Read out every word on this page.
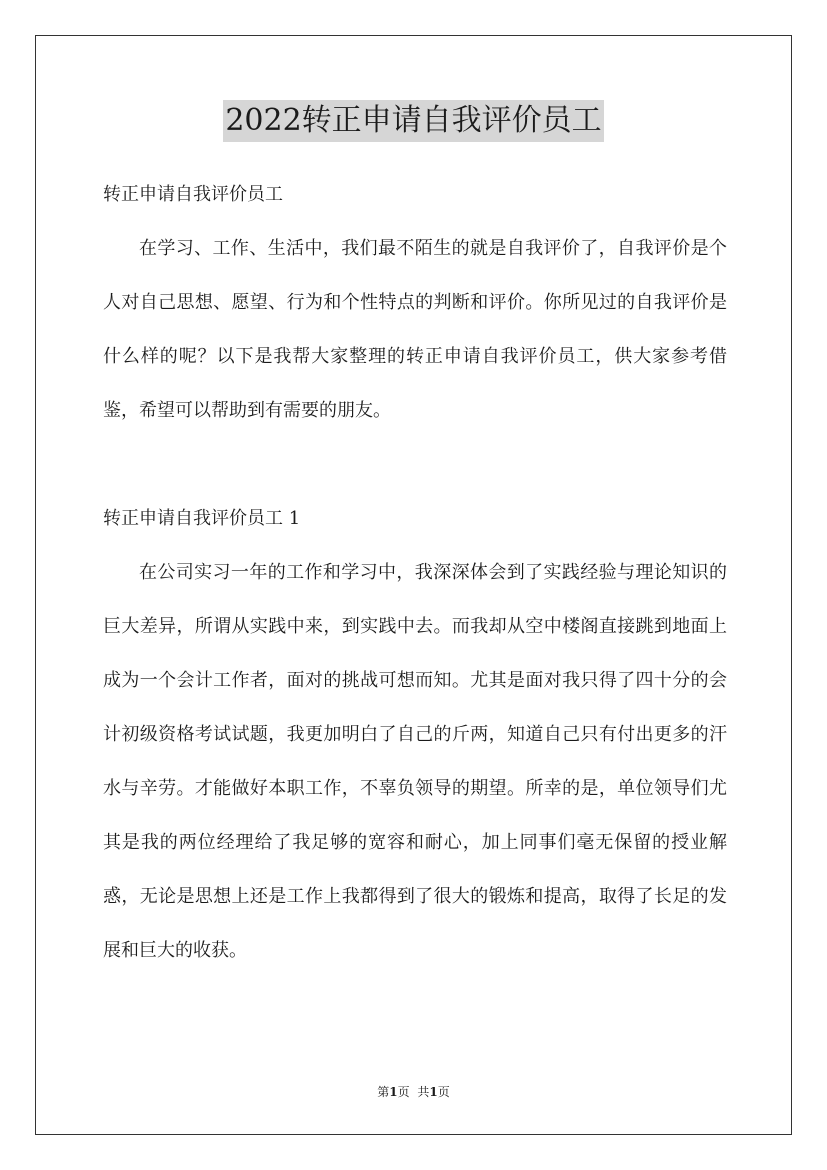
2022转正申请自我评价员工

转正申请自我评价员工

在学习、工作、生活中，我们最不陌生的就是自我评价了，自我评价是个人对自己思想、愿望、行为和个性特点的判断和评价。你所见过的自我评价是什么样的呢？以下是我帮大家整理的转正申请自我评价员工，供大家参考借鉴，希望可以帮助到有需要的朋友。

转正申请自我评价员工 1

在公司实习一年的工作和学习中，我深深体会到了实践经验与理论知识的巨大差异，所谓从实践中来，到实践中去。而我却从空中楼阁直接跳到地面上成为一个会计工作者，面对的挑战可想而知。尤其是面对我只得了四十分的会计初级资格考试试题，我更加明白了自己的斤两，知道自己只有付出更多的汗水与辛劳。才能做好本职工作，不辜负领导的期望。所幸的是，单位领导们尤其是我的两位经理给了我足够的宽容和耐心，加上同事们毫无保留的授业解惑，无论是思想上还是工作上我都得到了很大的锻炼和提高，取得了长足的发展和巨大的收获。

第1页 共1页
